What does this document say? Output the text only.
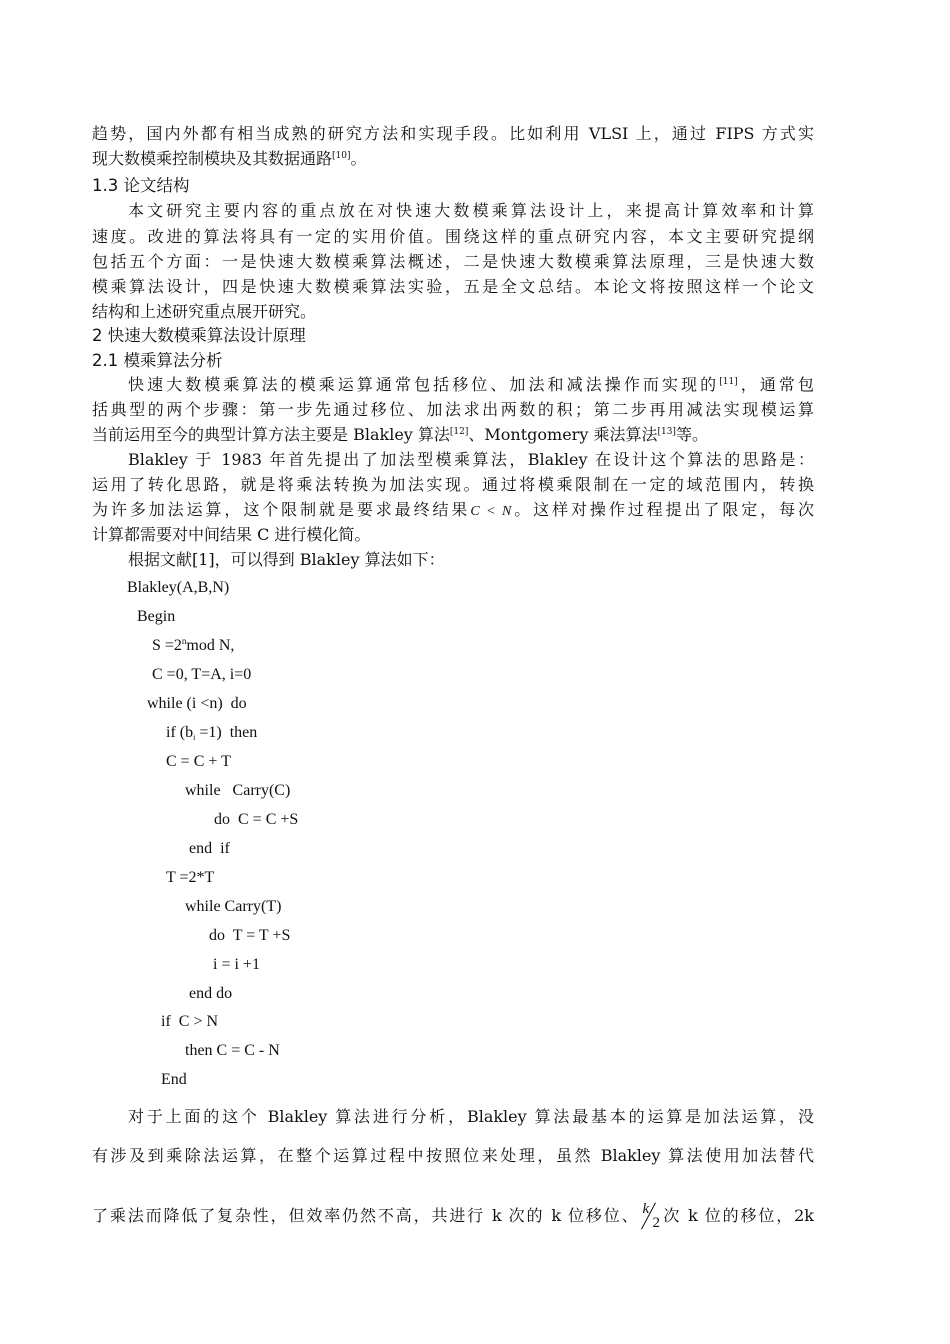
趋势，国内外都有相当成熟的研究方法和实现手段。比如利用 VLSI 上，通过 FIPS 方式实
现大数模乘控制模块及其数据通路[10]。
1.3 论文结构
本文研究主要内容的重点放在对快速大数模乘算法设计上，来提高计算效率和计算
速度。改进的算法将具有一定的实用价值。围绕这样的重点研究内容，本文主要研究提纲
包括五个方面：一是快速大数模乘算法概述，二是快速大数模乘算法原理，三是快速大数
模乘算法设计，四是快速大数模乘算法实验，五是全文总结。本论文将按照这样一个论文
结构和上述研究重点展开研究。
2 快速大数模乘算法设计原理
2.1 模乘算法分析
快速大数模乘算法的模乘运算通常包括移位、加法和减法操作而实现的[11]，通常包
括典型的两个步骤：第一步先通过移位、加法求出两数的积；第二步再用减法实现模运算
当前运用至今的典型计算方法主要是 Blakley 算法[12]、Montgomery 乘法算法[13]等。
Blakley 于 1983 年首先提出了加法型模乘算法，Blakley 在设计这个算法的思路是：
运用了转化思路，就是将乘法转换为加法实现。通过将模乘限制在一定的域范围内，转换
为许多加法运算，这个限制就是要求最终结果C < N。这样对操作过程提出了限定，每次
计算都需要对中间结果 C 进行模化简。
根据文献[1]，可以得到 Blakley 算法如下：
Blakley(A,B,N)
Begin
$S =2^nmod$ N,
C =0, T=A, i=0
while (i <n)  do
if $(b_i =1)$  then
C = C + T
while   Carry(C)
do  C = C +S
end  if
T =2*T
while Carry(T)
do  T = T +S
i = i +1
end do
if  C > N
then C = C - N
End
对于上面的这个 Blakley 算法进行分析，Blakley 算法最基本的运算是加法运算，没
有涉及到乘除法运算，在整个运算过程中按照位来处理，虽然 Blakley 算法使用加法替代
了乘法而降低了复杂性，但效率仍然不高，共进行 k 次的 k 位移位、 k
2 次 k 位的移位，2k
